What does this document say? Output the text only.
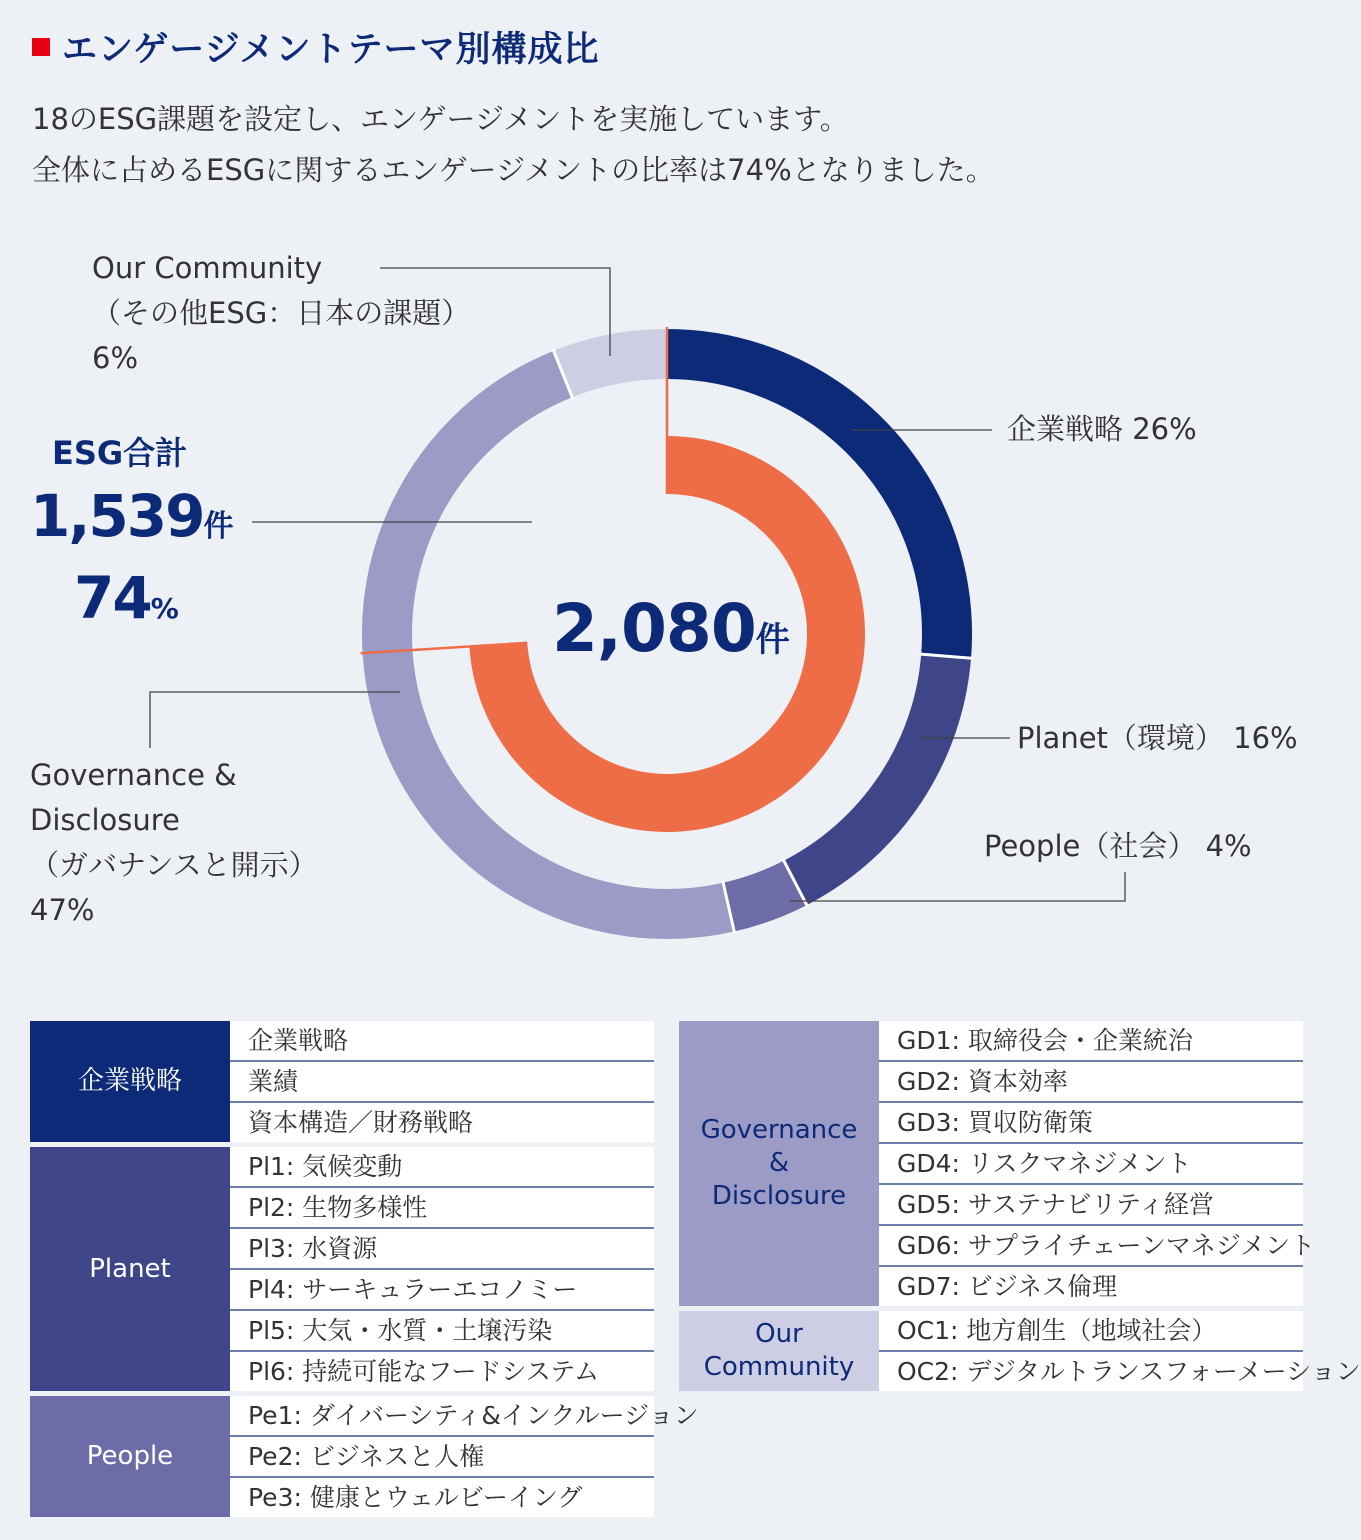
エンゲージメントテーマ別構成比
18のESG課題を設定し、エンゲージメントを実施しています。
全体に占めるESGに関するエンゲージメントの比率は74%となりました。
2,080件
Our Community
（その他ESG：日本の課題）
6%
企業戦略 26%
Planet（環境） 16%
People（社会） 4%
Governance &
Disclosure
（ガバナンスと開示）
47%
ESG合計
1,539件
74%
企業戦略
企業戦略
業績
資本構造／財務戦略
Planet
Pl1: 気候変動
Pl2: 生物多様性
Pl3: 水資源
Pl4: サーキュラーエコノミー
Pl5: 大気・水質・土壌汚染
Pl6: 持続可能なフードシステム
People
Pe1: ダイバーシティ&インクルージョン
Pe2: ビジネスと人権
Pe3: 健康とウェルビーイング
Governance
&
Disclosure
GD1: 取締役会・企業統治
GD2: 資本効率
GD3: 買収防衛策
GD4: リスクマネジメント
GD5: サステナビリティ経営
GD6: サプライチェーンマネジメント
GD7: ビジネス倫理
Our
Community
OC1: 地方創生（地域社会）
OC2: デジタルトランスフォーメーション
